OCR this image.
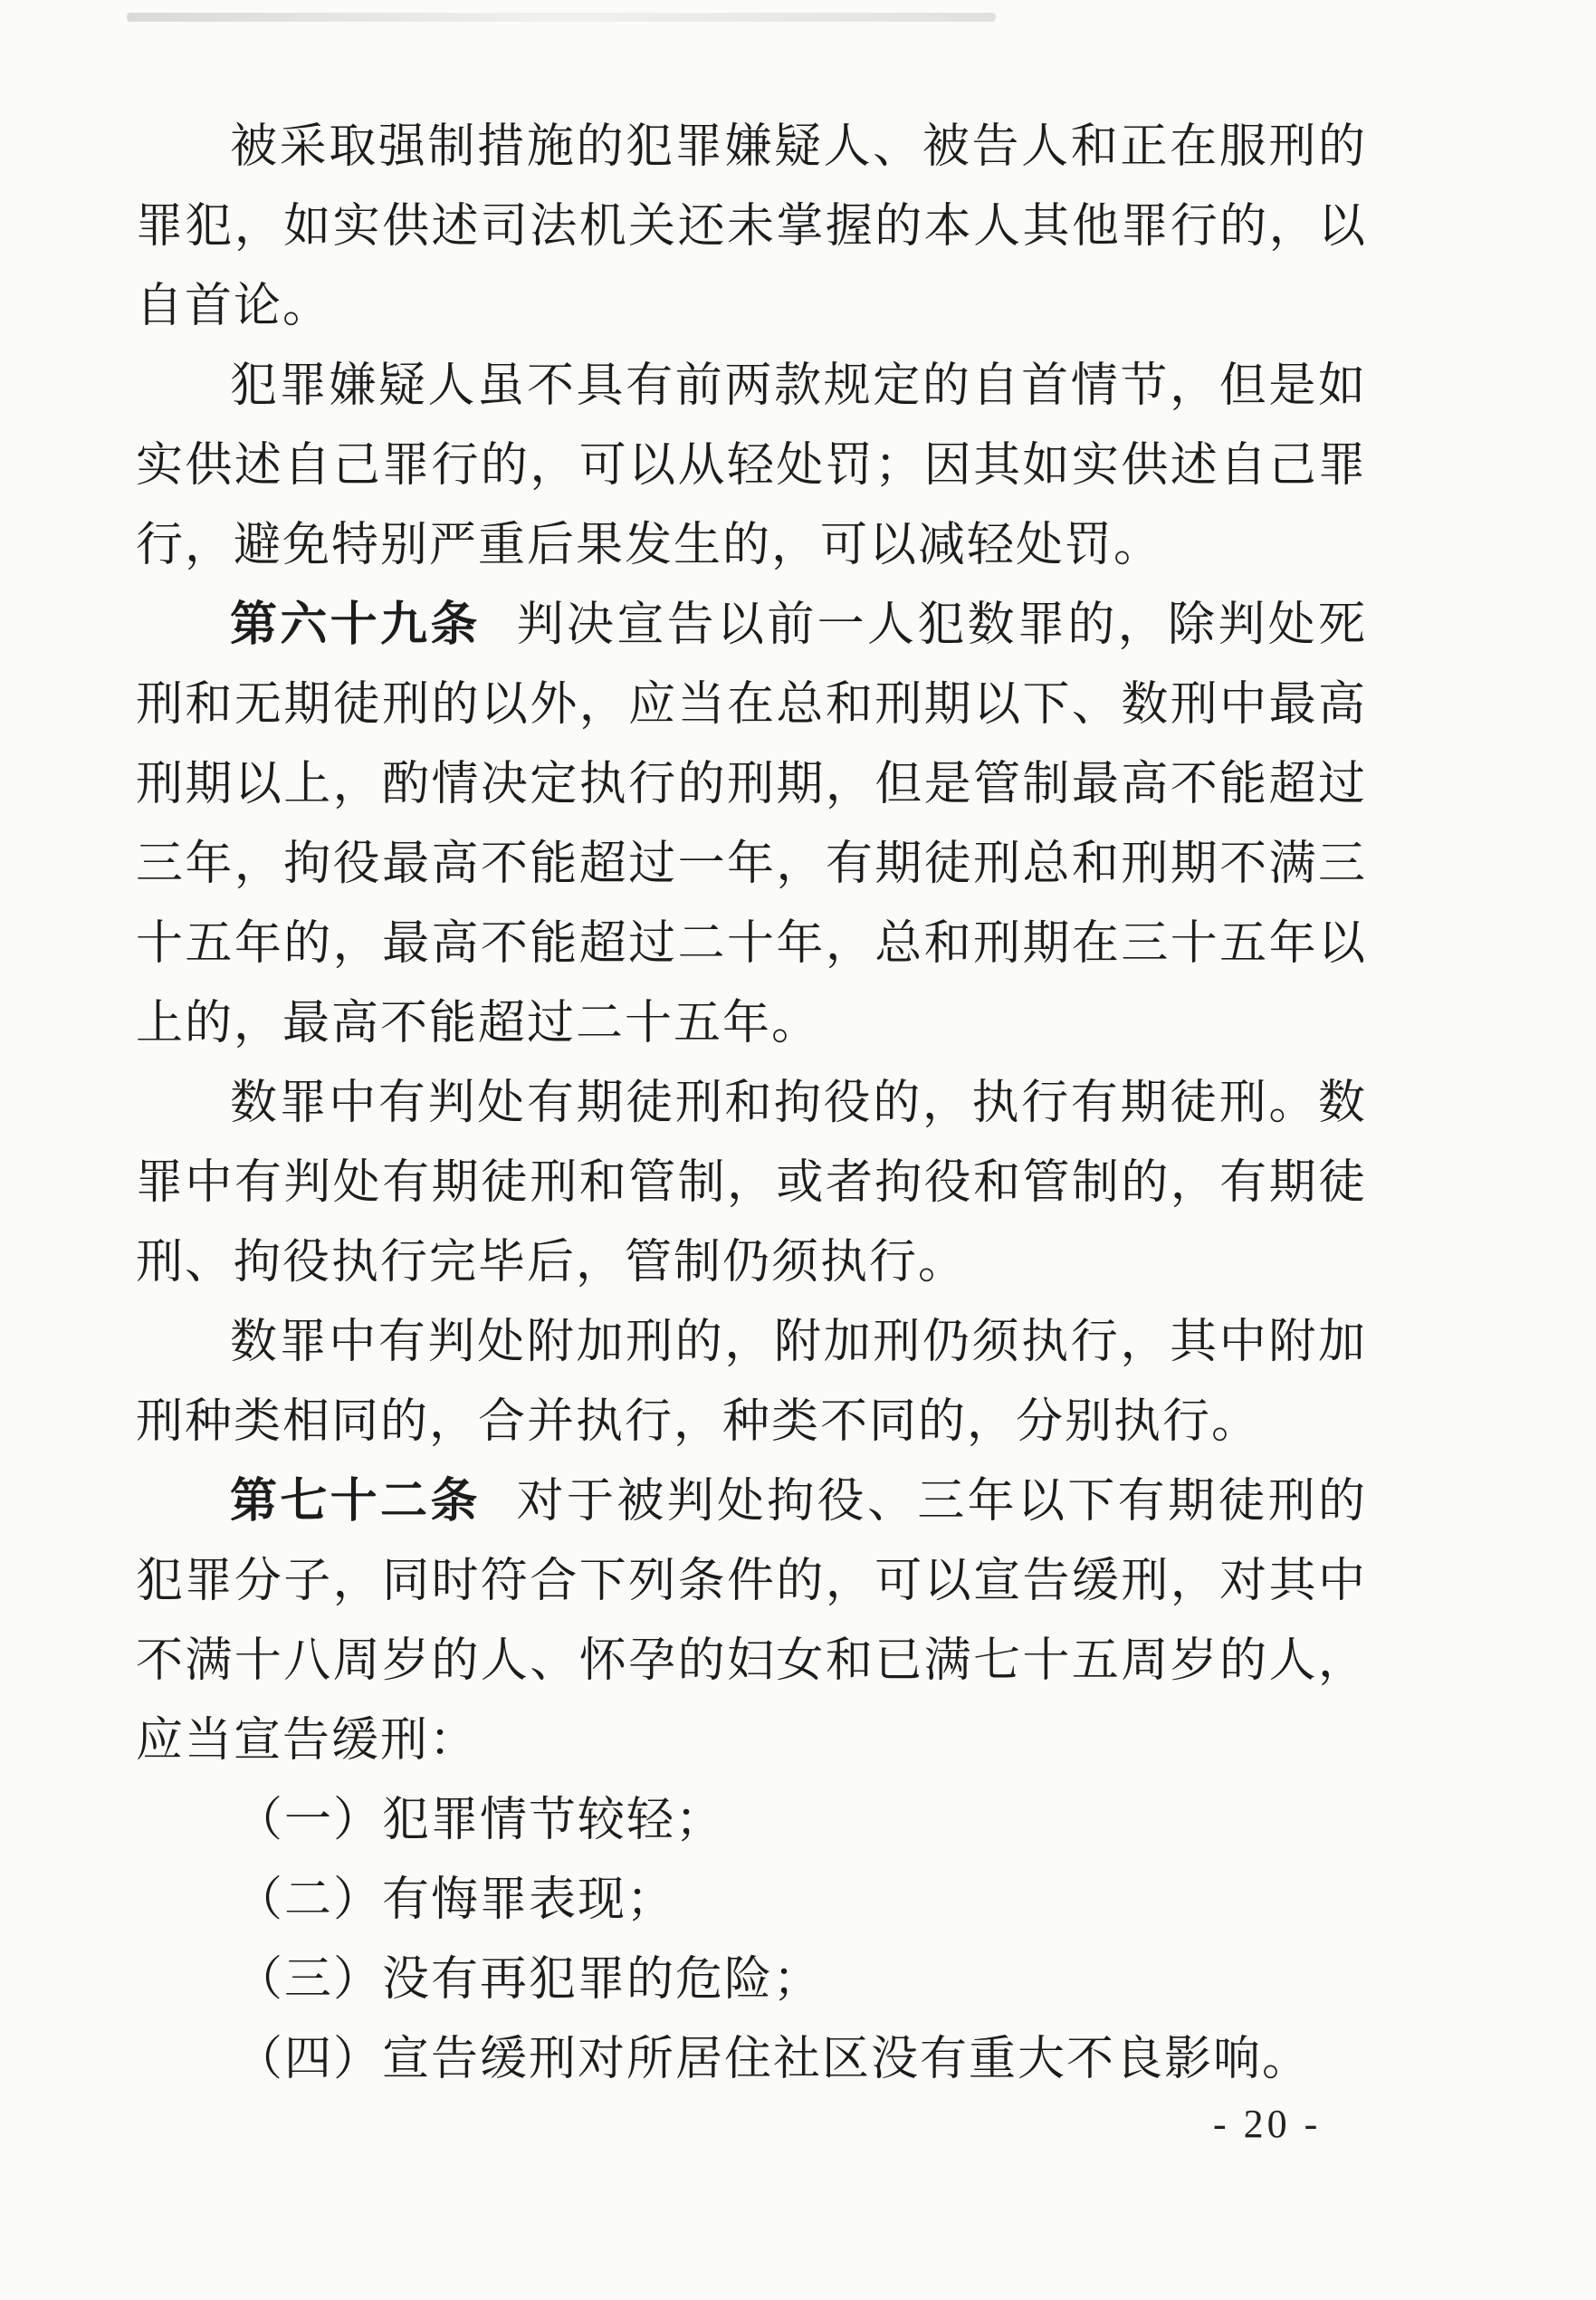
被采取强制措施的犯罪嫌疑人、被告人和正在服刑的罪犯，如实供述司法机关还未掌握的本人其他罪行的，以自首论。

犯罪嫌疑人虽不具有前两款规定的自首情节，但是如实供述自己罪行的，可以从轻处罚；因其如实供述自己罪行，避免特别严重后果发生的，可以减轻处罚。

第六十九条 判决宣告以前一人犯数罪的，除判处死刑和无期徒刑的以外，应当在总和刑期以下、数刑中最高刑期以上，酌情决定执行的刑期，但是管制最高不能超过三年，拘役最高不能超过一年，有期徒刑总和刑期不满三十五年的，最高不能超过二十年，总和刑期在三十五年以上的，最高不能超过二十五年。

数罪中有判处有期徒刑和拘役的，执行有期徒刑。数罪中有判处有期徒刑和管制，或者拘役和管制的，有期徒刑、拘役执行完毕后，管制仍须执行。

数罪中有判处附加刑的，附加刑仍须执行，其中附加刑种类相同的，合并执行，种类不同的，分别执行。

第七十二条 对于被判处拘役、三年以下有期徒刑的犯罪分子，同时符合下列条件的，可以宣告缓刑，对其中不满十八周岁的人、怀孕的妇女和已满七十五周岁的人，应当宣告缓刑：

（一）犯罪情节较轻；

（二）有悔罪表现；

（三）没有再犯罪的危险；

（四）宣告缓刑对所居住社区没有重大不良影响。

- 20 -
